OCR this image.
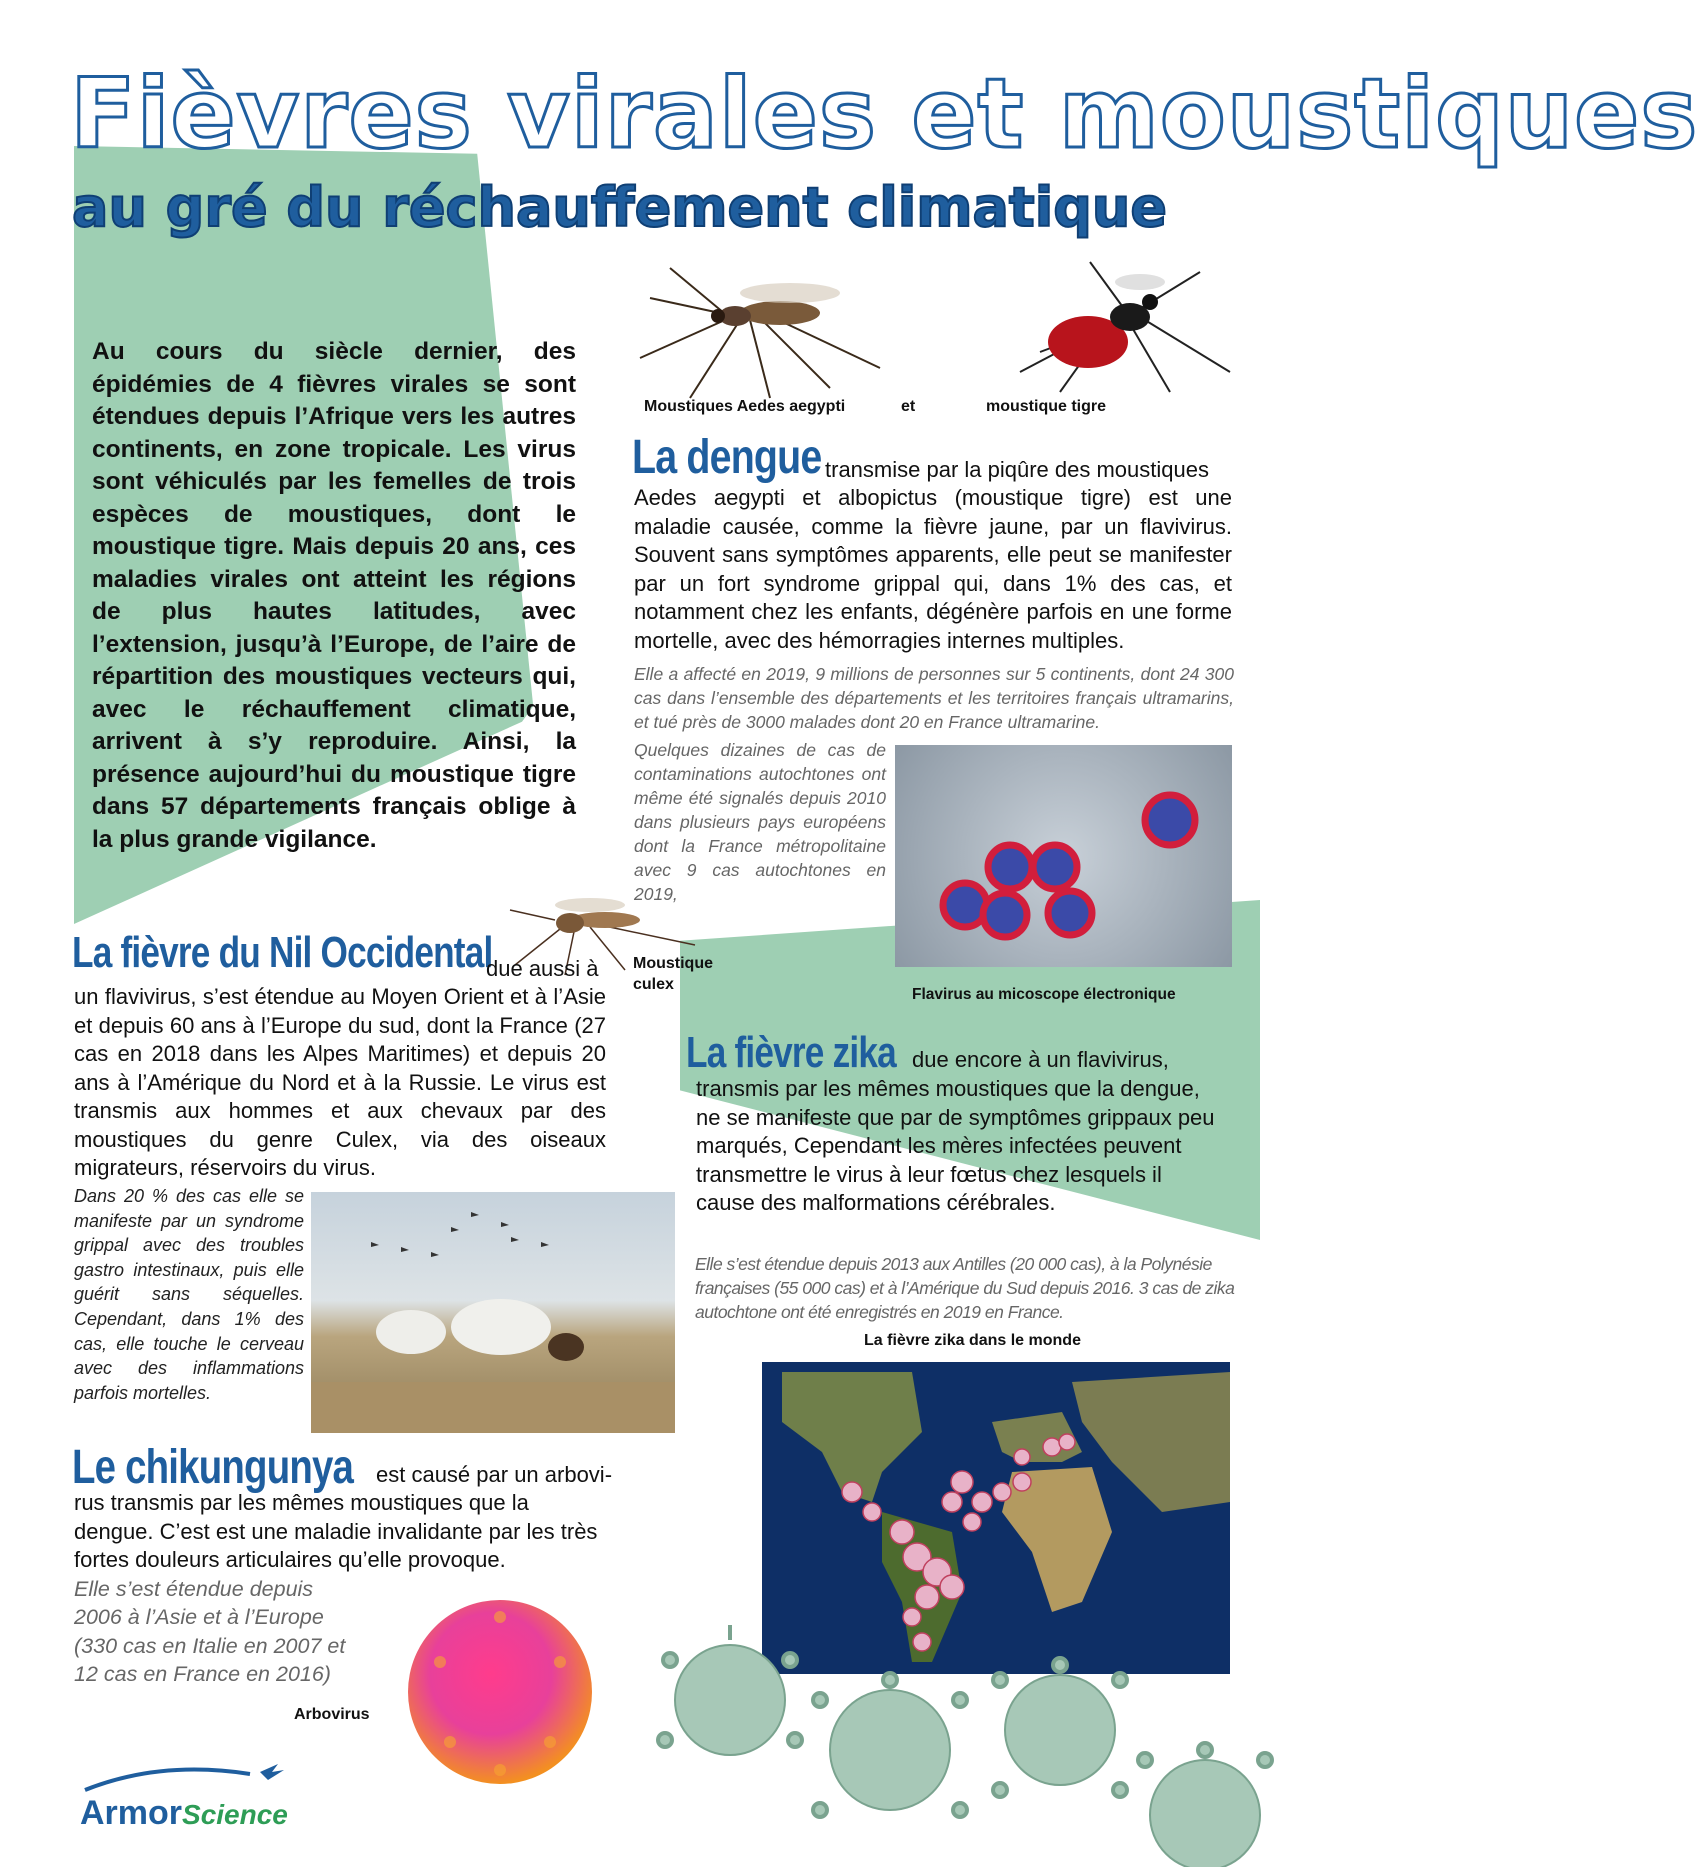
Fièvres virales et moustiques
au gré du réchauffement climatique
Au cours du siècle dernier, des épidémies de 4 fièvres virales se sont étendues depuis l’Afrique vers les autres continents, en zone tropicale. Les virus sont véhiculés par les femelles de trois espèces de moustiques, dont le moustique tigre. Mais depuis 20 ans, ces maladies virales ont atteint les régions de plus hautes latitudes, avec l’extension, jusqu’à l’Europe, de l’aire de répartition des moustiques vecteurs qui, avec le réchauffement climatique, arrivent à s’y reproduire. Ainsi, la présence aujourd’hui du moustique tigre dans 57 départements français oblige à la plus grande vigilance.
Moustiques Aedes aegypti	et	moustique tigre
La dengue transmise par la piqûre des moustiques
Aedes aegypti et albopictus (moustique tigre) est une maladie causée, comme la fièvre jaune, par un flavivirus. Souvent sans symptômes apparents, elle peut se manifester par un fort syndrome grippal qui, dans 1% des cas, et notamment chez les enfants, dégénère parfois en une forme mortelle, avec des hémorragies internes multiples.
Elle a affecté en 2019, 9 millions de personnes sur 5 continents, dont 24 300 cas dans l’ensemble des départements et les territoires français ultramarins, et tué près de 3000 malades dont 20 en France ultramarine.
Quelques dizaines de cas de contaminations autochtones ont même été signalés depuis 2010 dans plusieurs pays européens dont la France métropolitaine avec 9 cas autochtones en 2019,
Flavirus au micoscope électronique
Moustique
culex
La fièvre du Nil Occidental
due aussi à
un flavivirus, s’est étendue au Moyen Orient et à l’Asie et depuis 60 ans à l’Europe du sud, dont la France (27 cas en 2018 dans les Alpes Maritimes) et depuis 20 ans à l’Amérique du Nord et à la Russie. Le virus est transmis aux hommes et aux chevaux par des moustiques du genre Culex, via des oiseaux migrateurs, réservoirs du virus.
Dans 20 % des cas elle se manifeste par un syndrome grippal avec des troubles gastro intestinaux, puis elle guérit sans séquelles. Cependant, dans 1% des cas, elle touche le cerveau avec des inflammations parfois mortelles.
La fièvre zika due encore à un flavivirus,
transmis par les mêmes moustiques que la dengue, ne se manifeste que par de symptômes grippaux peu marqués, Cependant les mères infectées peuvent transmettre le virus à leur fœtus chez lesquels il cause des malformations cérébrales.
Elle s’est étendue depuis 2013 aux Antilles (20 000 cas), à la Polynésie françaises (55 000 cas) et à l’Amérique du Sud depuis 2016. 3 cas de zika autochtone ont été enregistrés en 2019 en France.
La fièvre zika dans le monde
Le chikungunya est causé par un arbovi-
rus transmis par les mêmes moustiques que la dengue. C’est est une maladie invalidante par les très fortes douleurs articulaires qu’elle provoque.
Elle s’est étendue depuis 2006 à l’Asie et à l’Europe (330 cas en Italie en 2007 et 12 cas en France en 2016)
Arbovirus
ArmorScience
